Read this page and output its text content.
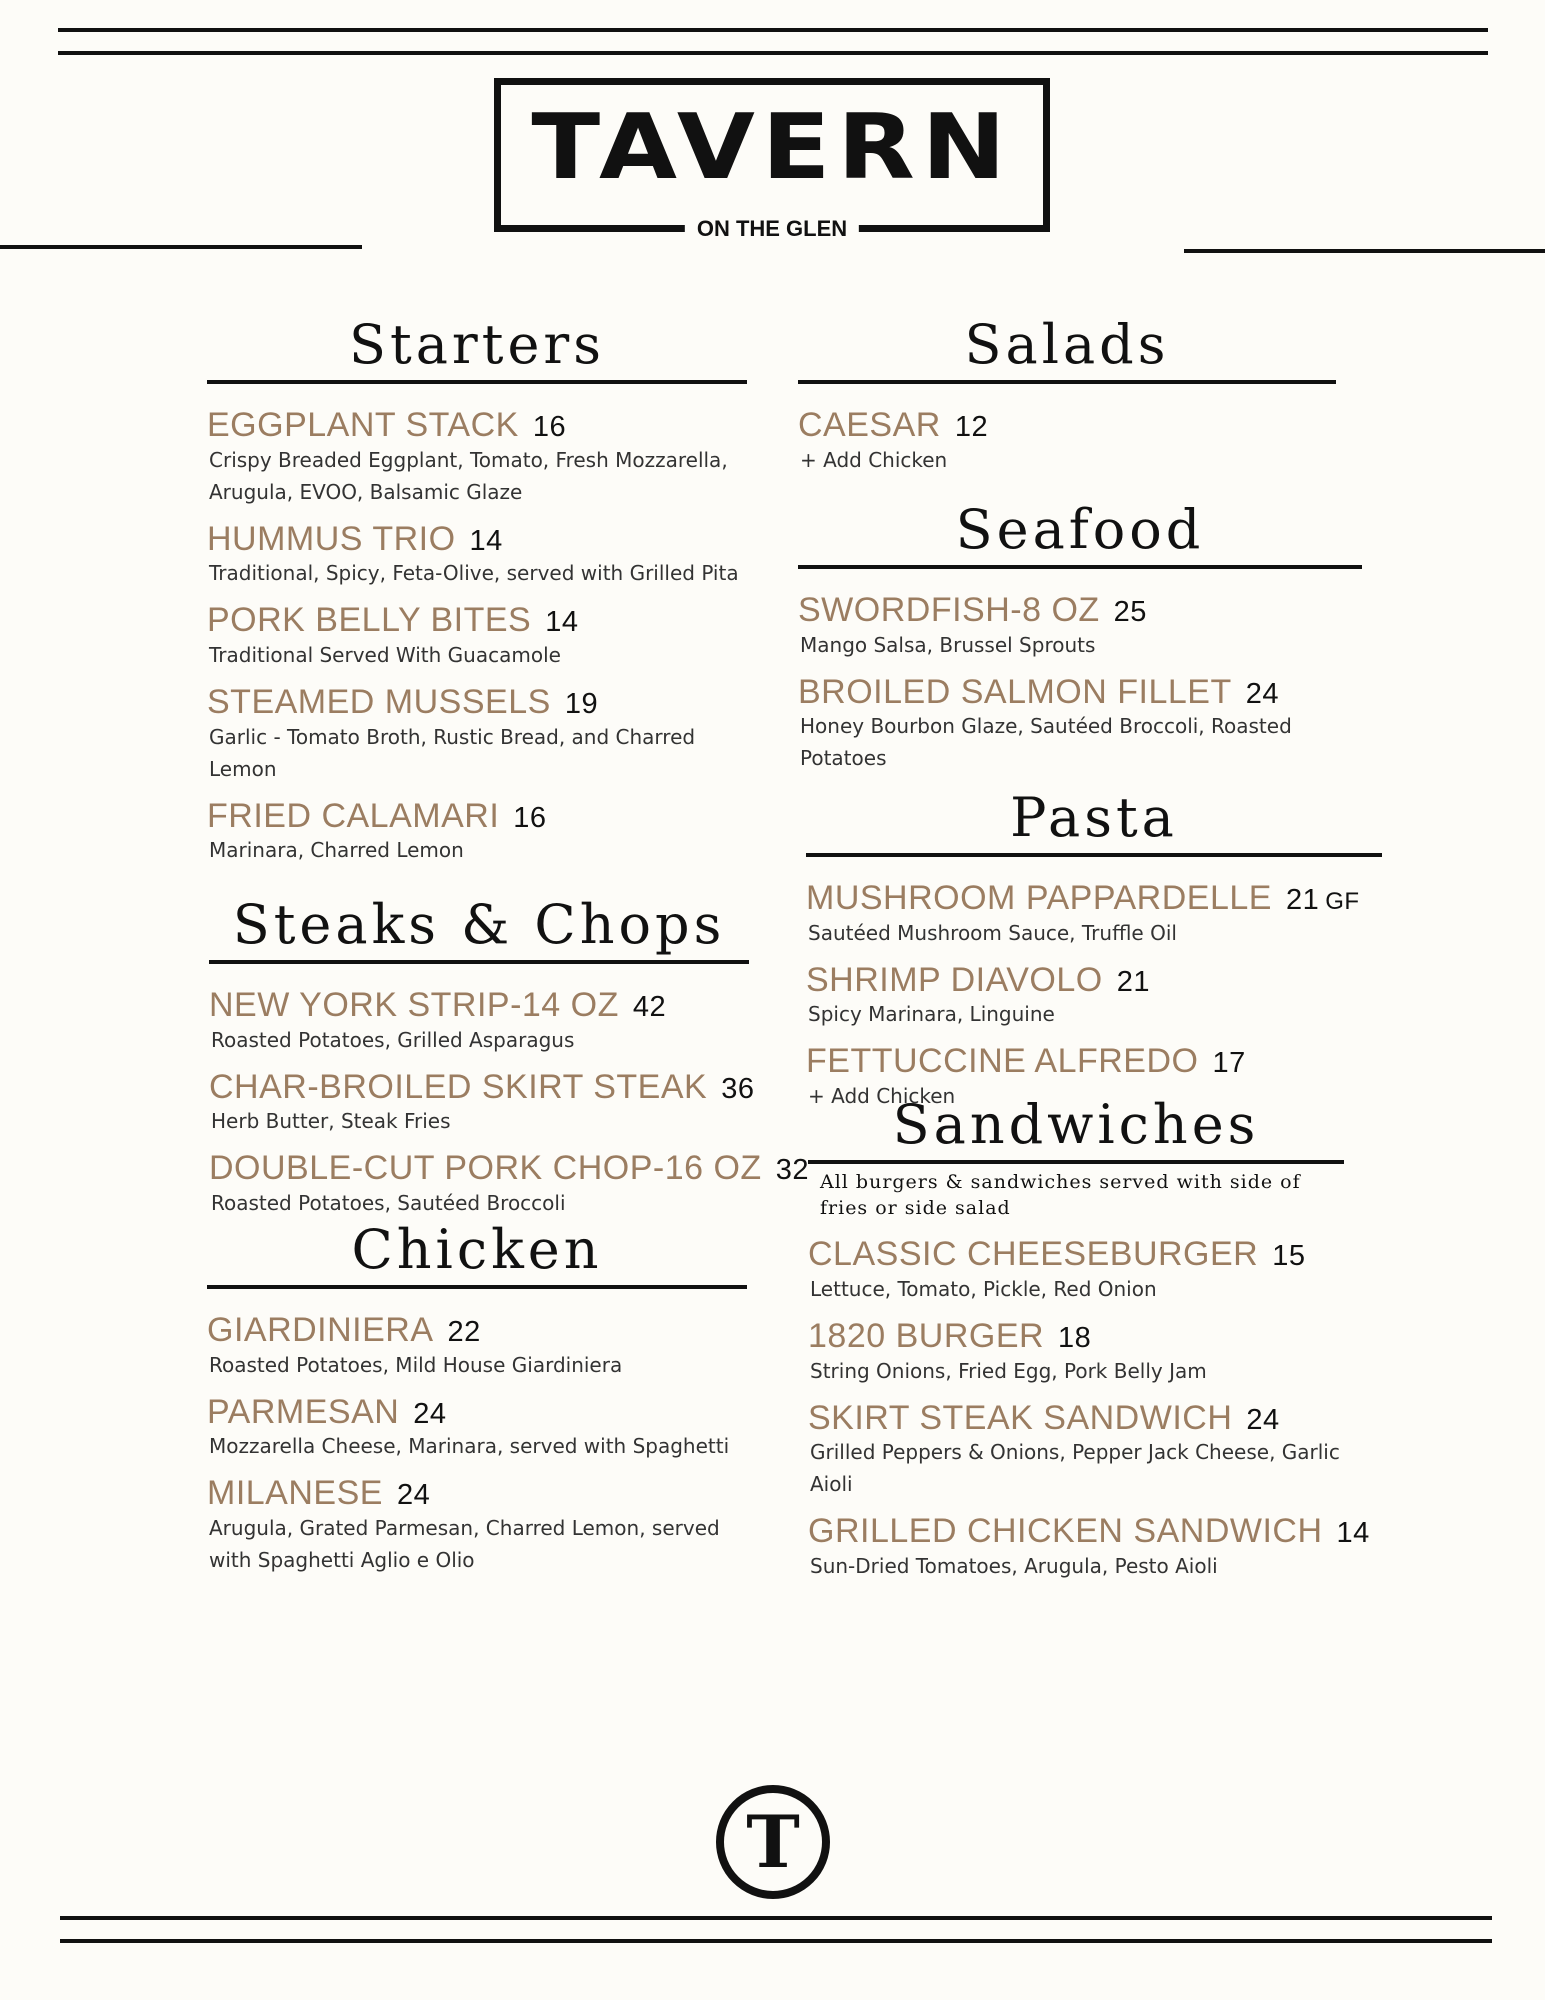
TAVERN
ON THE GLEN
Starters
EGGPLANT STACK 16
Crispy Breaded Eggplant, Tomato, Fresh Mozzarella, Arugula, EVOO, Balsamic Glaze
HUMMUS TRIO 14
Traditional, Spicy, Feta-Olive, served with Grilled Pita
PORK BELLY BITES 14
Traditional Served With Guacamole
STEAMED MUSSELS 19
Garlic - Tomato Broth, Rustic Bread, and Charred Lemon
FRIED CALAMARI 16
Marinara, Charred Lemon
Steaks & Chops
NEW YORK STRIP-14 OZ 42
Roasted Potatoes, Grilled Asparagus
CHAR-BROILED SKIRT STEAK 36
Herb Butter, Steak Fries
DOUBLE-CUT PORK CHOP-16 OZ 32
Roasted Potatoes, Sautéed Broccoli
Chicken
GIARDINIERA 22
Roasted Potatoes, Mild House Giardiniera
PARMESAN 24
Mozzarella Cheese, Marinara, served with Spaghetti
MILANESE 24
Arugula, Grated Parmesan, Charred Lemon, served with Spaghetti Aglio e Olio
Salads
CAESAR 12
+ Add Chicken
Seafood
SWORDFISH-8 OZ 25
Mango Salsa, Brussel Sprouts
BROILED SALMON FILLET 24
Honey Bourbon Glaze, Sautéed Broccoli, Roasted Potatoes
Pasta
MUSHROOM PAPPARDELLE 21 GF
Sautéed Mushroom Sauce, Truffle Oil
SHRIMP DIAVOLO 21
Spicy Marinara, Linguine
FETTUCCINE ALFREDO 17
+ Add Chicken
Sandwiches
All burgers & sandwiches served with side of fries or side salad
CLASSIC CHEESEBURGER 15
Lettuce, Tomato, Pickle, Red Onion
1820 BURGER 18
String Onions, Fried Egg, Pork Belly Jam
SKIRT STEAK SANDWICH 24
Grilled Peppers & Onions, Pepper Jack Cheese, Garlic Aioli
GRILLED CHICKEN SANDWICH 14
Sun-Dried Tomatoes, Arugula, Pesto Aioli
T
